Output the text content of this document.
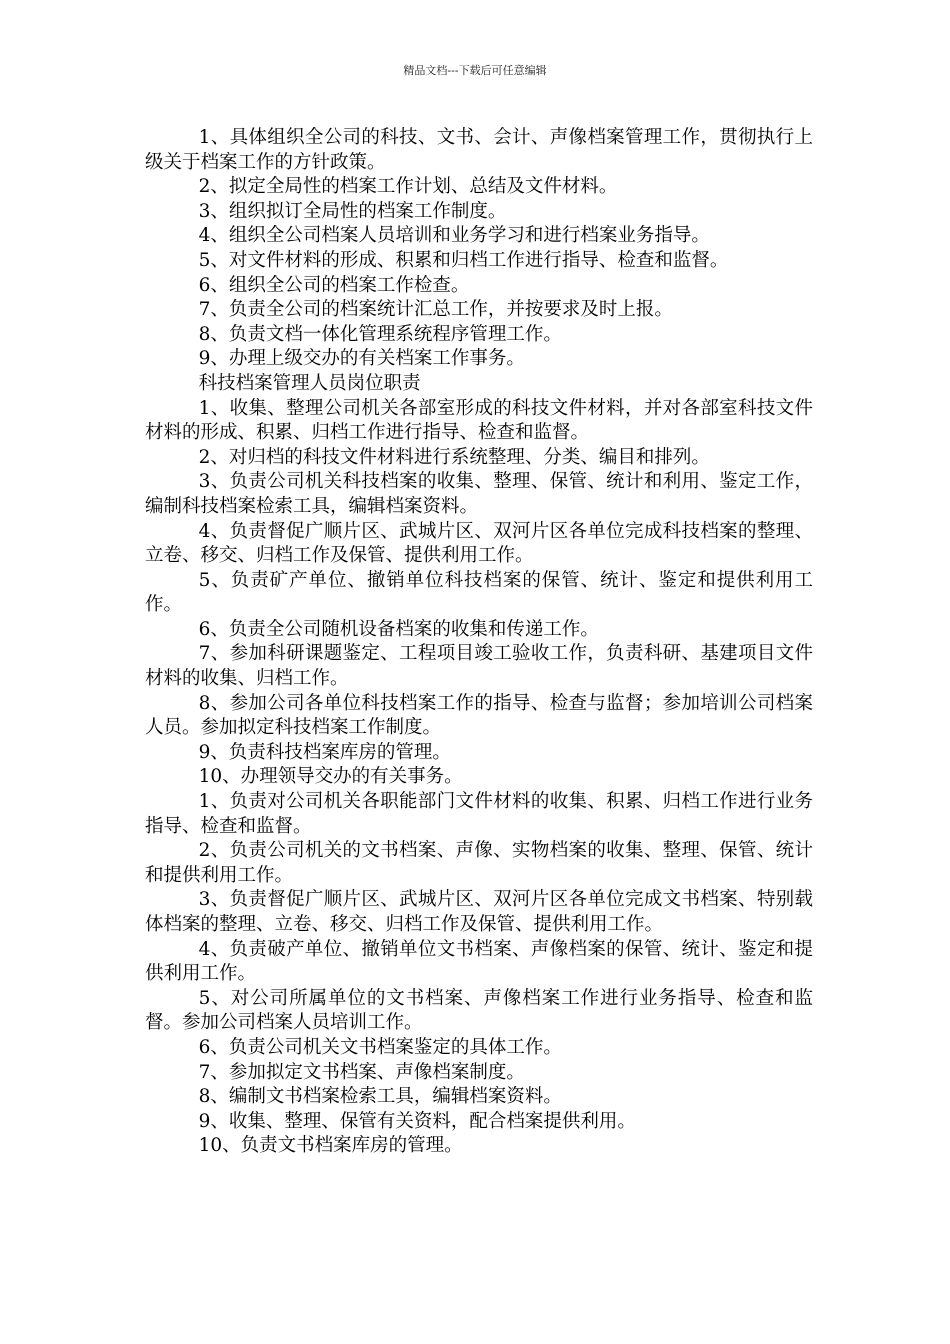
精品文档---下载后可任意编辑

1、具体组织全公司的科技、文书、会计、声像档案管理工作，贯彻执行上级关于档案工作的方针政策。

2、拟定全局性的档案工作计划、总结及文件材料。

3、组织拟订全局性的档案工作制度。

4、组织全公司档案人员培训和业务学习和进行档案业务指导。

5、对文件材料的形成、积累和归档工作进行指导、检查和监督。

6、组织全公司的档案工作检查。

7、负责全公司的档案统计汇总工作，并按要求及时上报。

8、负责文档一体化管理系统程序管理工作。

9、办理上级交办的有关档案工作事务。

科技档案管理人员岗位职责

1、收集、整理公司机关各部室形成的科技文件材料，并对各部室科技文件材料的形成、积累、归档工作进行指导、检查和监督。

2、对归档的科技文件材料进行系统整理、分类、编目和排列。

3、负责公司机关科技档案的收集、整理、保管、统计和利用、鉴定工作，编制科技档案检索工具，编辑档案资料。

4、负责督促广顺片区、武城片区、双河片区各单位完成科技档案的整理、立卷、移交、归档工作及保管、提供利用工作。

5、负责矿产单位、撤销单位科技档案的保管、统计、鉴定和提供利用工作。

6、负责全公司随机设备档案的收集和传递工作。

7、参加科研课题鉴定、工程项目竣工验收工作，负责科研、基建项目文件材料的收集、归档工作。

8、参加公司各单位科技档案工作的指导、检查与监督；参加培训公司档案人员。参加拟定科技档案工作制度。

9、负责科技档案库房的管理。

10、办理领导交办的有关事务。

1、负责对公司机关各职能部门文件材料的收集、积累、归档工作进行业务指导、检查和监督。

2、负责公司机关的文书档案、声像、实物档案的收集、整理、保管、统计和提供利用工作。

3、负责督促广顺片区、武城片区、双河片区各单位完成文书档案、特别载体档案的整理、立卷、移交、归档工作及保管、提供利用工作。

4、负责破产单位、撤销单位文书档案、声像档案的保管、统计、鉴定和提供利用工作。

5、对公司所属单位的文书档案、声像档案工作进行业务指导、检查和监督。参加公司档案人员培训工作。

6、负责公司机关文书档案鉴定的具体工作。

7、参加拟定文书档案、声像档案制度。

8、编制文书档案检索工具，编辑档案资料。

9、收集、整理、保管有关资料，配合档案提供利用。

10、负责文书档案库房的管理。
